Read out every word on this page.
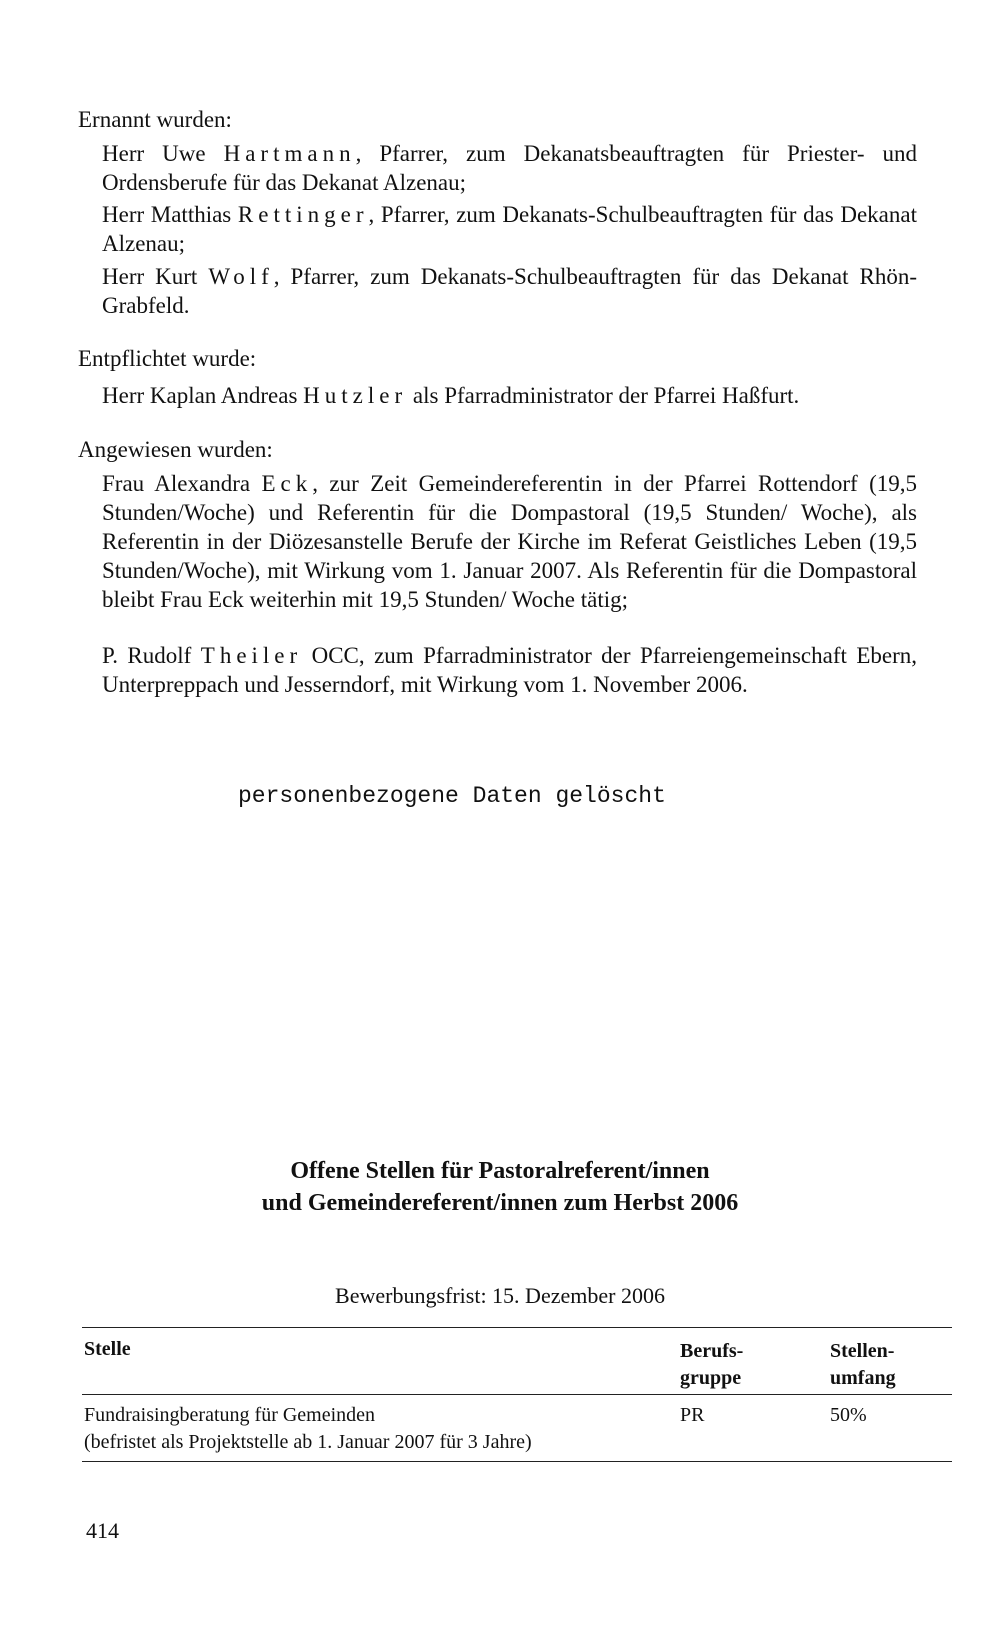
Ernannt wurden:
Herr Uwe Hartmann, Pfarrer, zum Dekanatsbeauftragten für Priester- und Ordensberufe für das Dekanat Alzenau;
Herr Matthias Rettinger, Pfarrer, zum Dekanats-Schulbeauftragten für das Dekanat Alzenau;
Herr Kurt Wolf, Pfarrer, zum Dekanats-Schulbeauftragten für das Dekanat Rhön-Grabfeld.
Entpflichtet wurde:
Herr Kaplan Andreas Hutzler als Pfarradministrator der Pfarrei Haßfurt.
Angewiesen wurden:
Frau Alexandra Eck, zur Zeit Gemeindereferentin in der Pfarrei Rottendorf (19,5 Stunden/Woche) und Referentin für die Dompastoral (19,5 Stunden/ Woche), als Referentin in der Diözesanstelle Berufe der Kirche im Referat Geistliches Leben (19,5 Stunden/Woche), mit Wirkung vom 1. Januar 2007. Als Referentin für die Dompastoral bleibt Frau Eck weiterhin mit 19,5 Stunden/ Woche tätig;
P. Rudolf Theiler OCC, zum Pfarradministrator der Pfarreiengemeinschaft Ebern, Unterpreppach und Jesserndorf, mit Wirkung vom 1. November 2006.
personenbezogene Daten gelöscht
Offene Stellen für Pastoralreferent/innen
und Gemeindereferent/innen zum Herbst 2006
Bewerbungsfrist: 15. Dezember 2006
Stelle	Berufs-
gruppe
Stellen-
umfang
Fundraisingberatung für Gemeinden
(befristet als Projektstelle ab 1. Januar 2007 für 3 Jahre)
PR	50%
414
